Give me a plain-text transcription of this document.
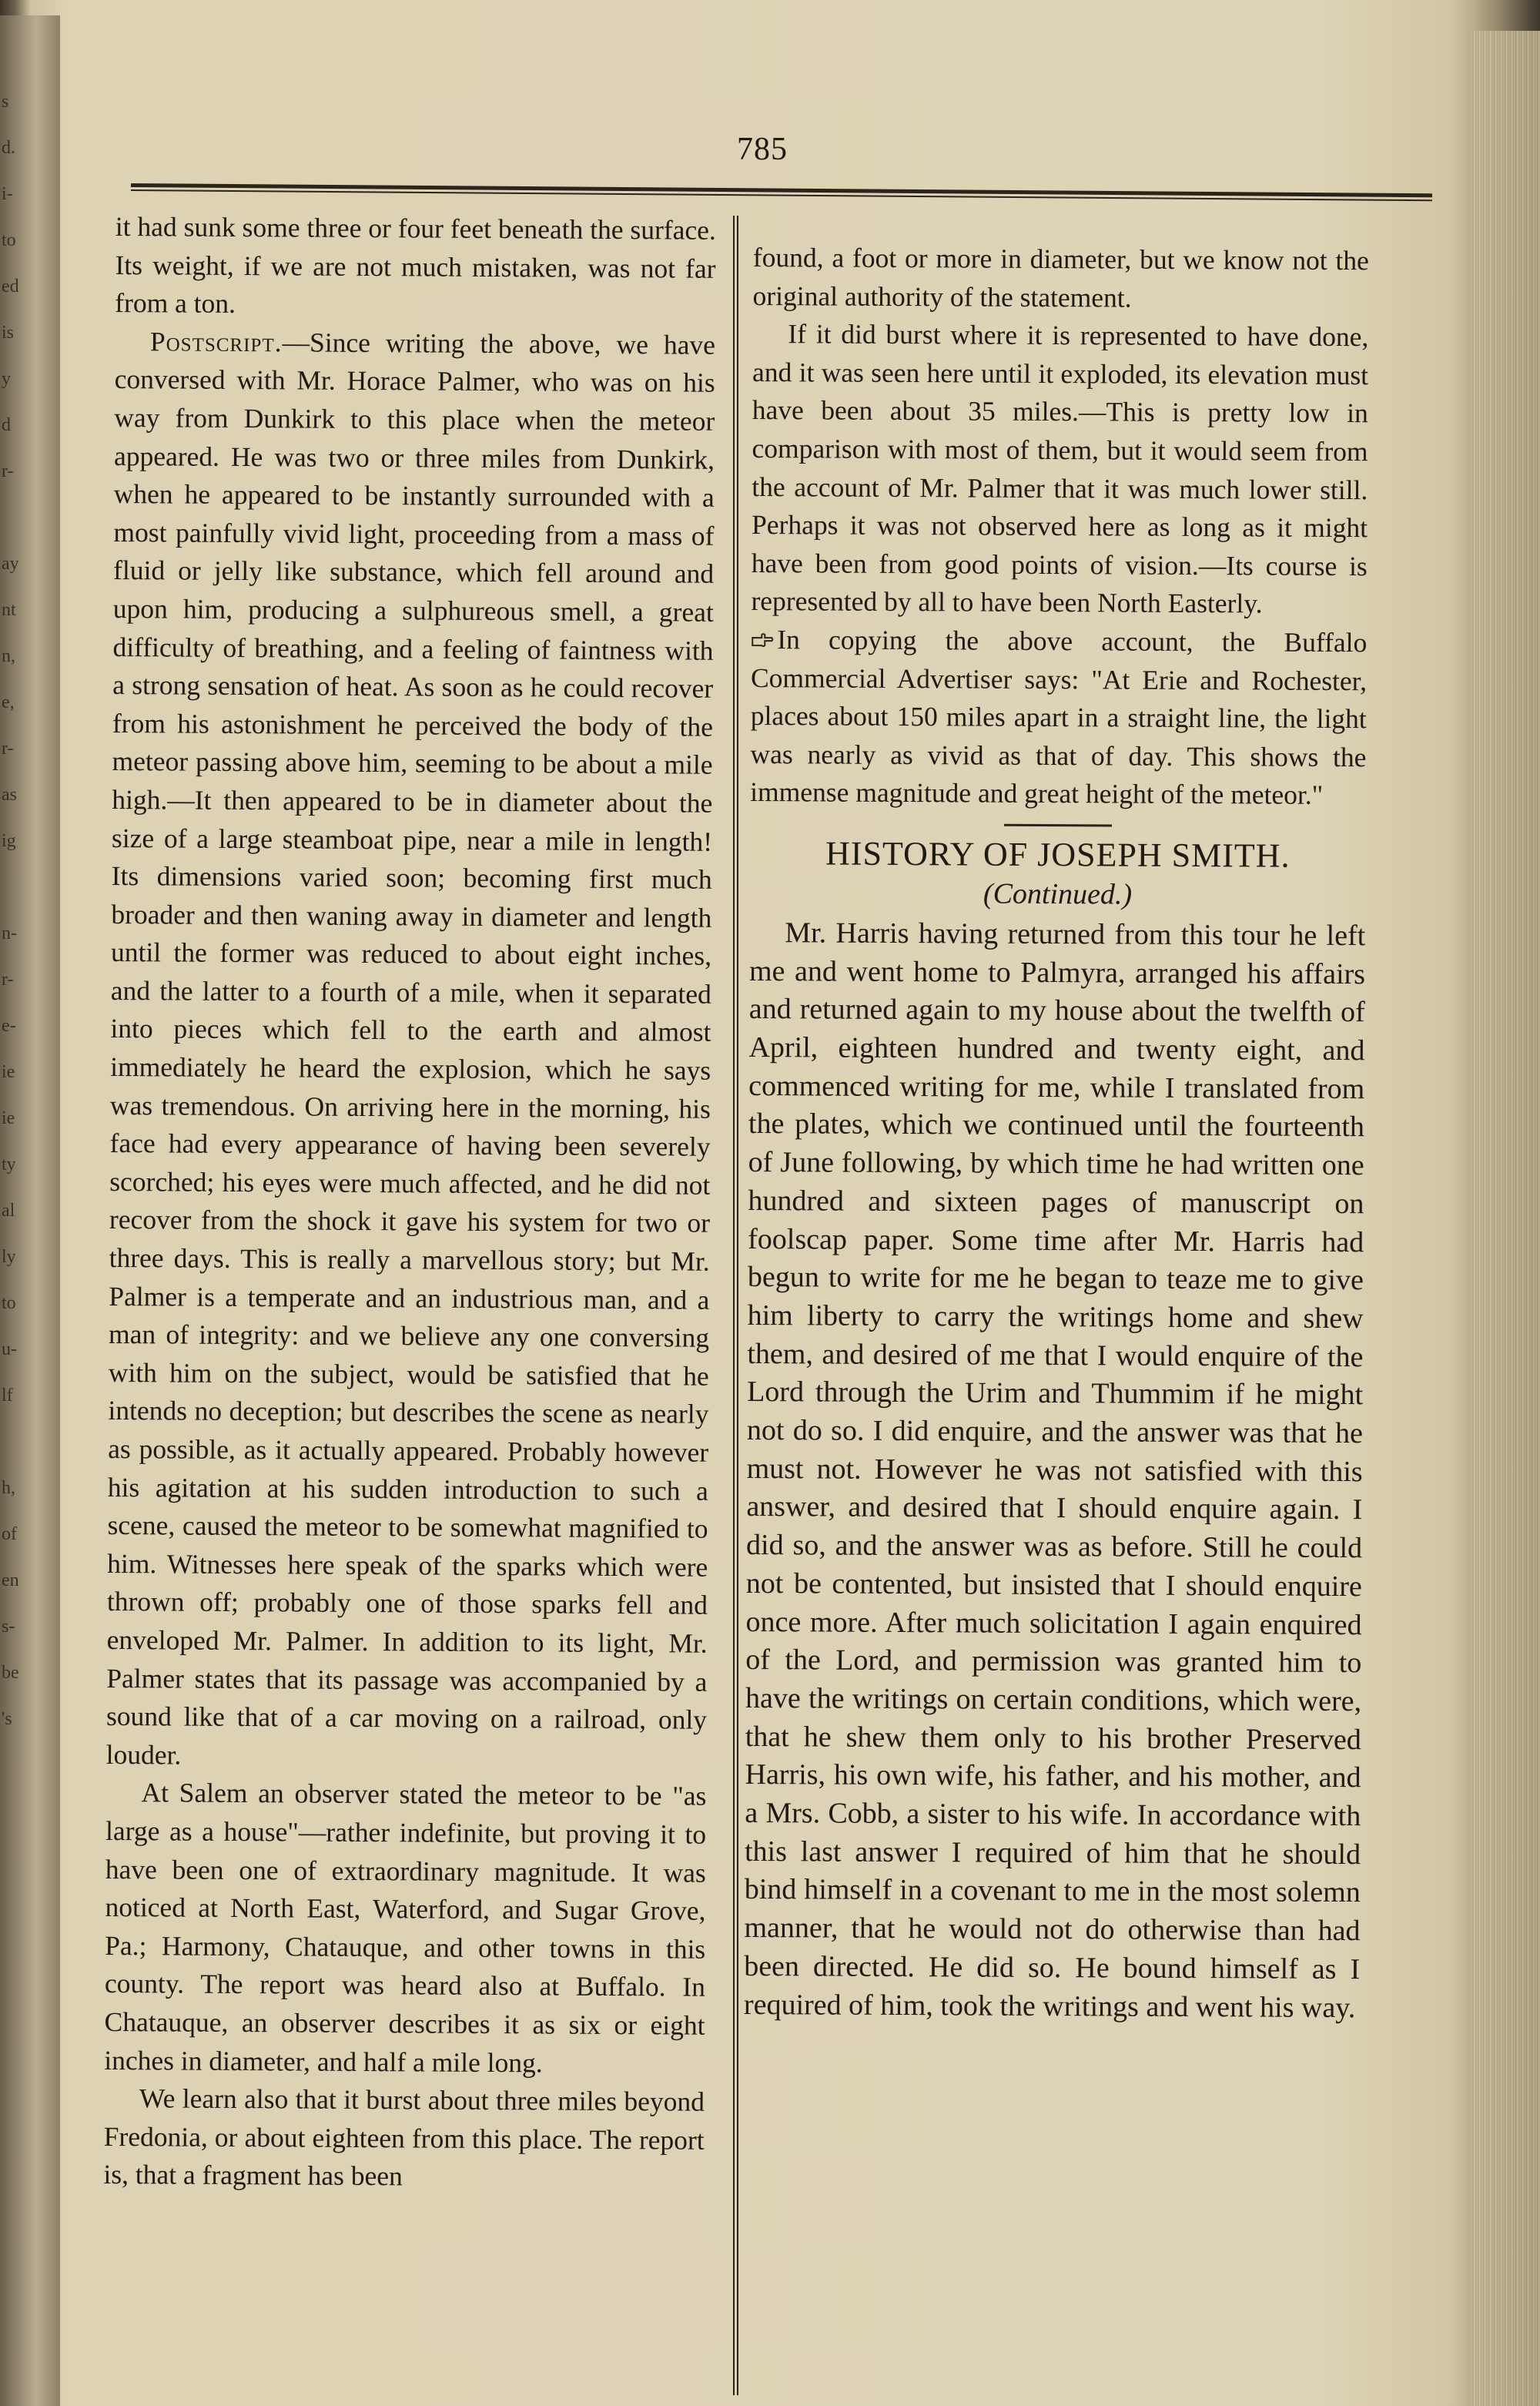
s
d.
i-
to
ed
is
y
d
r-
ay
nt
n,
e,
r-
as
ig
n-
r-
e-
ie
ie
ty
al
ly
to
u-
lf
h,
of
en
s-
be
's
785

it had sunk some three or four feet beneath the surface. Its weight, if we are not much mistaken, was not far from a ton.

Postscript.—Since writing the above, we have conversed with Mr. Horace Palmer, who was on his way from Dunkirk to this place when the meteor appeared. He was two or three miles from Dunkirk, when he appeared to be instantly surrounded with a most painfully vivid light, proceeding from a mass of fluid or jelly like substance, which fell around and upon him, producing a sulphureous smell, a great difficulty of breathing, and a feeling of faintness with a strong sensation of heat. As soon as he could recover from his astonishment he perceived the body of the meteor passing above him, seeming to be about a mile high.—It then appeared to be in diameter about the size of a large steamboat pipe, near a mile in length! Its dimensions varied soon; becoming first much broader and then waning away in diameter and length until the former was reduced to about eight inches, and the latter to a fourth of a mile, when it separated into pieces which fell to the earth and almost immediately he heard the explosion, which he says was tremendous. On arriving here in the morning, his face had every appearance of having been severely scorched; his eyes were much affected, and he did not recover from the shock it gave his system for two or three days. This is really a marvellous story; but Mr. Palmer is a temperate and an industrious man, and a man of integrity: and we believe any one conversing with him on the subject, would be satisfied that he intends no deception; but describes the scene as nearly as possible, as it actually appeared. Probably however his agitation at his sudden introduction to such a scene, caused the meteor to be somewhat magnified to him. Witnesses here speak of the sparks which were thrown off; probably one of those sparks fell and enveloped Mr. Palmer. In addition to its light, Mr. Palmer states that its passage was accompanied by a sound like that of a car moving on a railroad, only louder.

At Salem an observer stated the meteor to be "as large as a house"—rather indefinite, but proving it to have been one of extraordinary magnitude. It was noticed at North East, Waterford, and Sugar Grove, Pa.; Harmony, Chatauque, and other towns in this county. The report was heard also at Buffalo. In Chatauque, an observer describes it as six or eight inches in diameter, and half a mile long.

We learn also that it burst about three miles beyond Fredonia, or about eighteen from this place. The report is, that a fragment has been

found, a foot or more in diameter, but we know not the original authority of the statement.

If it did burst where it is represented to have done, and it was seen here until it exploded, its elevation must have been about 35 miles.—This is pretty low in comparison with most of them, but it would seem from the account of Mr. Palmer that it was much lower still. Perhaps it was not observed here as long as it might have been from good points of vision.—Its course is represented by all to have been North Easterly.

In copying the above account, the Buffalo Commercial Advertiser says: "At Erie and Rochester, places about 150 miles apart in a straight line, the light was nearly as vivid as that of day. This shows the immense magnitude and great height of the meteor."

HISTORY OF JOSEPH SMITH.
(Continued.)

Mr. Harris having returned from this tour he left me and went home to Palmyra, arranged his affairs and returned again to my house about the twelfth of April, eighteen hundred and twenty eight, and commenced writing for me, while I translated from the plates, which we continued until the fourteenth of June following, by which time he had written one hundred and sixteen pages of manuscript on foolscap paper. Some time after Mr. Harris had begun to write for me he began to teaze me to give him liberty to carry the writings home and shew them, and desired of me that I would enquire of the Lord through the Urim and Thummim if he might not do so. I did enquire, and the answer was that he must not. However he was not satisfied with this answer, and desired that I should enquire again. I did so, and the answer was as before. Still he could not be contented, but insisted that I should enquire once more. After much solicitation I again enquired of the Lord, and permission was granted him to have the writings on certain conditions, which were, that he shew them only to his brother Preserved Harris, his own wife, his father, and his mother, and a Mrs. Cobb, a sister to his wife. In accordance with this last answer I required of him that he should bind himself in a covenant to me in the most solemn manner, that he would not do otherwise than had been directed. He did so. He bound himself as I required of him, took the writings and went his way.
